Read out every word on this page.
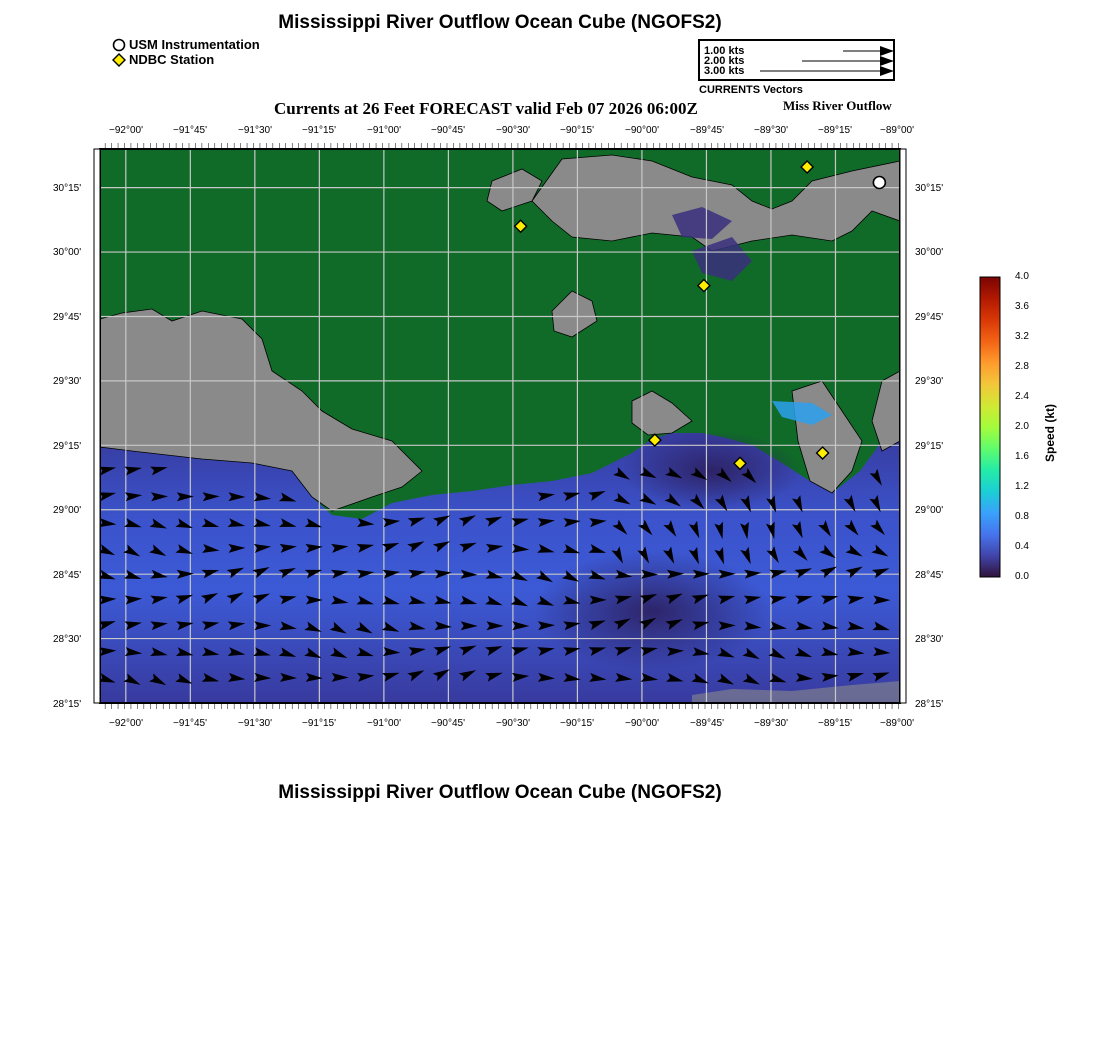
Mississippi River Outflow Ocean Cube (NGOFS2)
USM Instrumentation
NDBC Station
1.00 kts
2.00 kts
3.00 kts
CURRENTS Vectors
Currents at 26 Feet FORECAST valid Feb 07 2026 06:00Z	Miss River Outflow
−92°00'	−91°45'	−91°30'	−91°15'	−91°00'	−90°45'	−90°30'	−90°15'	−90°00'	−89°45'	−89°30'	−89°15'	−89°00'
−92°00'	−91°45'	−91°30'	−91°15'	−91°00'	−90°45'	−90°30'	−90°15'	−90°00'	−89°45'	−89°30'	−89°15'	−89°00'
30°15'
30°00'
29°45'
29°30'
29°15'
29°00'
28°45'
28°30'
28°15'
30°15'
30°00'
29°45'
29°30'
29°15'
29°00'
28°45'
28°30'
28°15'
4.0
3.6
3.2
2.8
2.4
2.0
1.6
1.2
0.8
0.4
0.0
Speed (kt)
Mississippi River Outflow Ocean Cube (NGOFS2)
